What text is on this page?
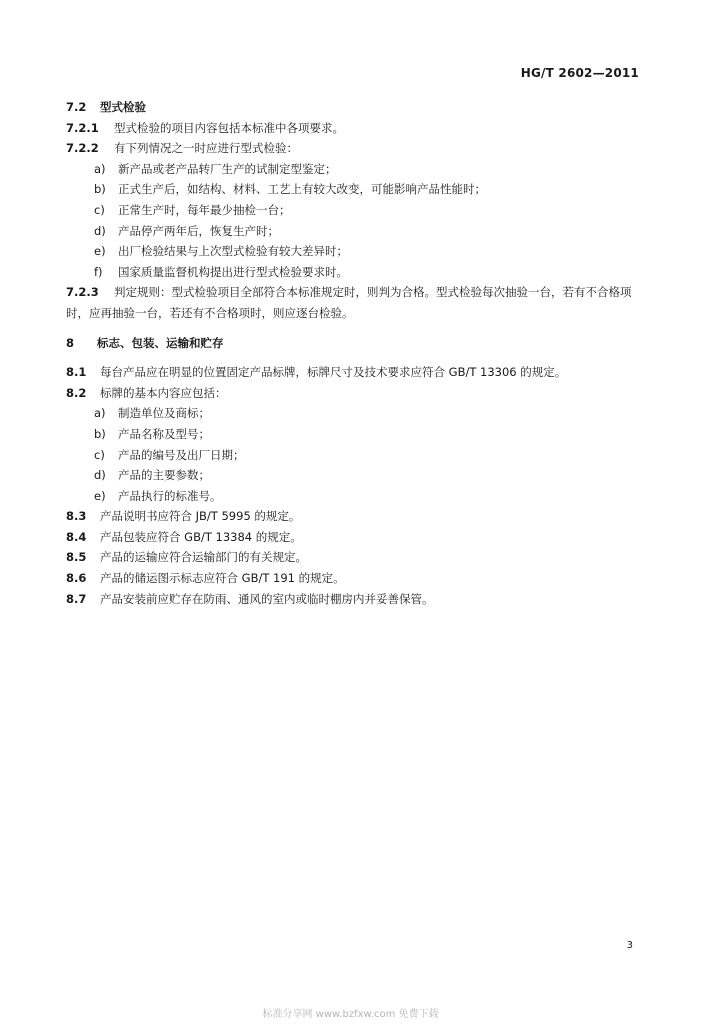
HG/T 2602—2011
7.2 型式检验
7.2.1 型式检验的项目内容包括本标准中各项要求。
7.2.2 有下列情况之一时应进行型式检验：
a) 新产品或老产品转厂生产的试制定型鉴定；
b) 正式生产后，如结构、材料、工艺上有较大改变，可能影响产品性能时；
c) 正常生产时，每年最少抽检一台；
d) 产品停产两年后，恢复生产时；
e) 出厂检验结果与上次型式检验有较大差异时；
f) 国家质量监督机构提出进行型式检验要求时。
7.2.3 判定规则：型式检验项目全部符合本标准规定时，则判为合格。型式检验每次抽验一台，若有不合格项时，应再抽验一台，若还有不合格项时，则应逐台检验。
8 标志、包装、运输和贮存
8.1 每台产品应在明显的位置固定产品标牌，标牌尺寸及技术要求应符合 GB/T 13306 的规定。
8.2 标牌的基本内容应包括：
a) 制造单位及商标；
b) 产品名称及型号；
c) 产品的编号及出厂日期；
d) 产品的主要参数；
e) 产品执行的标准号。
8.3 产品说明书应符合 JB/T 5995 的规定。
8.4 产品包装应符合 GB/T 13384 的规定。
8.5 产品的运输应符合运输部门的有关规定。
8.6 产品的储运图示标志应符合 GB/T 191 的规定。
8.7 产品安装前应贮存在防雨、通风的室内或临时棚房内并妥善保管。
3
标准分享网 www.bzfxw.com 免费下载
